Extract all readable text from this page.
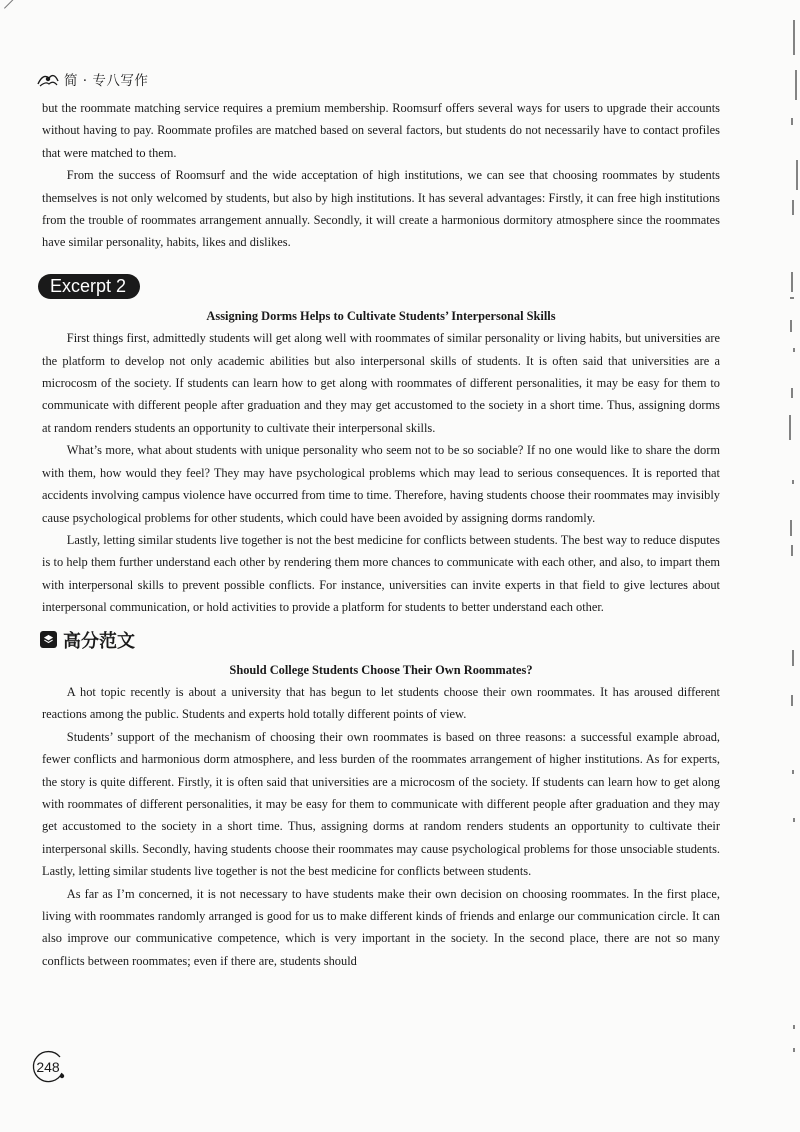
简 · 专八写作

but the roommate matching service requires a premium membership. Roomsurf offers several ways for users to upgrade their accounts without having to pay. Roommate profiles are matched based on several factors, but students do not necessarily have to contact profiles that were matched to them.

From the success of Roomsurf and the wide acceptation of high institutions, we can see that choosing roommates by students themselves is not only welcomed by students, but also by high institutions. It has several advantages: Firstly, it can free high institutions from the trouble of roommates arrangement annually. Secondly, it will create a harmonious dormitory atmosphere since the roommates have similar personality, habits, likes and dislikes.

Excerpt 2

Assigning Dorms Helps to Cultivate Students’ Interpersonal Skills

First things first, admittedly students will get along well with roommates of similar personality or living habits, but universities are the platform to develop not only academic abilities but also interpersonal skills of students. It is often said that universities are a microcosm of the society. If students can learn how to get along with roommates of different personalities, it may be easy for them to communicate with different people after graduation and they may get accustomed to the society in a short time. Thus, assigning dorms at random renders students an opportunity to cultivate their interpersonal skills.

What’s more, what about students with unique personality who seem not to be so sociable? If no one would like to share the dorm with them, how would they feel? They may have psychological problems which may lead to serious consequences. It is reported that accidents involving campus violence have occurred from time to time. Therefore, having students choose their roommates may invisibly cause psychological problems for other students, which could have been avoided by assigning dorms randomly.

Lastly, letting similar students live together is not the best medicine for conflicts between students. The best way to reduce disputes is to help them further understand each other by rendering them more chances to communicate with each other, and also, to impart them with interpersonal skills to prevent possible conflicts. For instance, universities can invite experts in that field to give lectures about interpersonal communication, or hold activities to provide a platform for students to better understand each other.

高分范文

Should College Students Choose Their Own Roommates?

A hot topic recently is about a university that has begun to let students choose their own roommates. It has aroused different reactions among the public. Students and experts hold totally different points of view.

Students’ support of the mechanism of choosing their own roommates is based on three reasons: a successful example abroad, fewer conflicts and harmonious dorm atmosphere, and less burden of the roommates arrangement of higher institutions. As for experts, the story is quite different. Firstly, it is often said that universities are a microcosm of the society. If students can learn how to get along with roommates of different personalities, it may be easy for them to communicate with different people after graduation and they may get accustomed to the society in a short time. Thus, assigning dorms at random renders students an opportunity to cultivate their interpersonal skills. Secondly, having students choose their roommates may cause psychological problems for those unsociable students. Lastly, letting similar students live together is not the best medicine for conflicts between students.

As far as I’m concerned, it is not necessary to have students make their own decision on choosing roommates. In the first place, living with roommates randomly arranged is good for us to make different kinds of friends and enlarge our communication circle. It can also improve our communicative competence, which is very important in the society. In the second place, there are not so many conflicts between roommates; even if there are, students should

248
